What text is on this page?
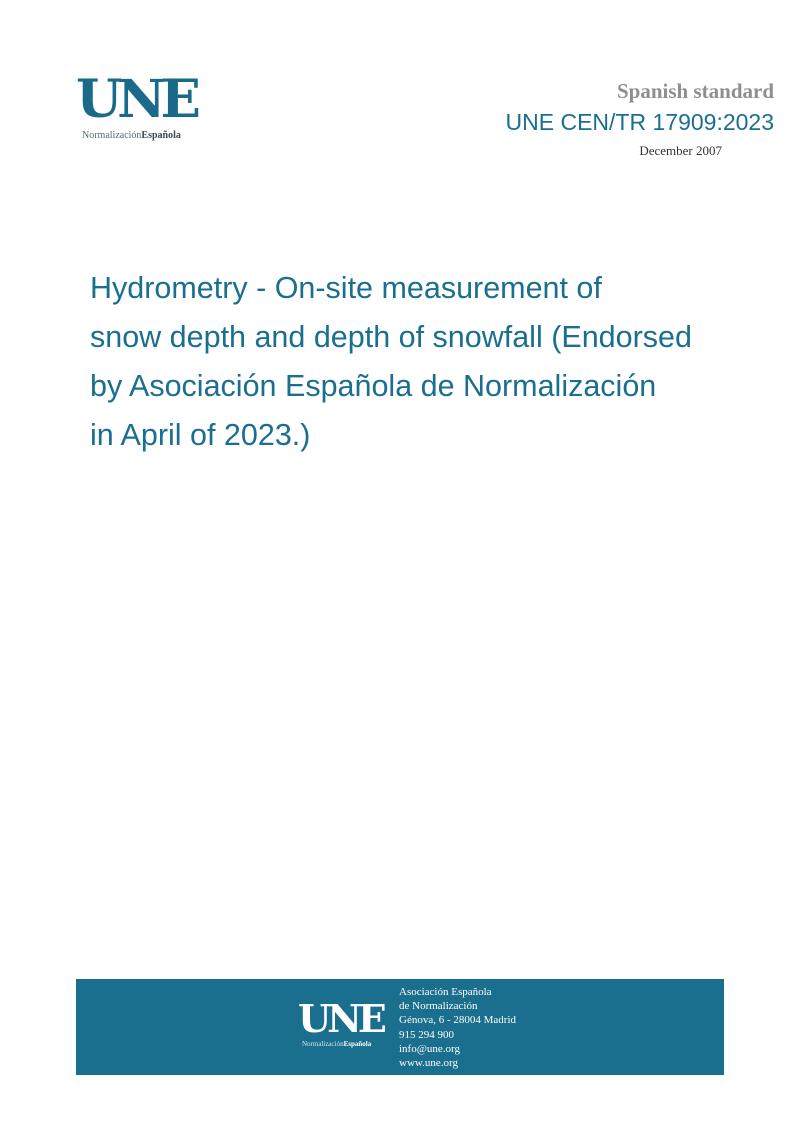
UNE
NormalizaciónEspañola
Spanish standard
UNE CEN/TR 17909:2023
December 2007
Hydrometry - On-site measurement of
snow depth and depth of snowfall (Endorsed
by Asociación Española de Normalización
in April of 2023.)
UNE
NormalizaciónEspañola
Asociación Española
de Normalización
Génova, 6 - 28004 Madrid
915 294 900
info@une.org
www.une.org
